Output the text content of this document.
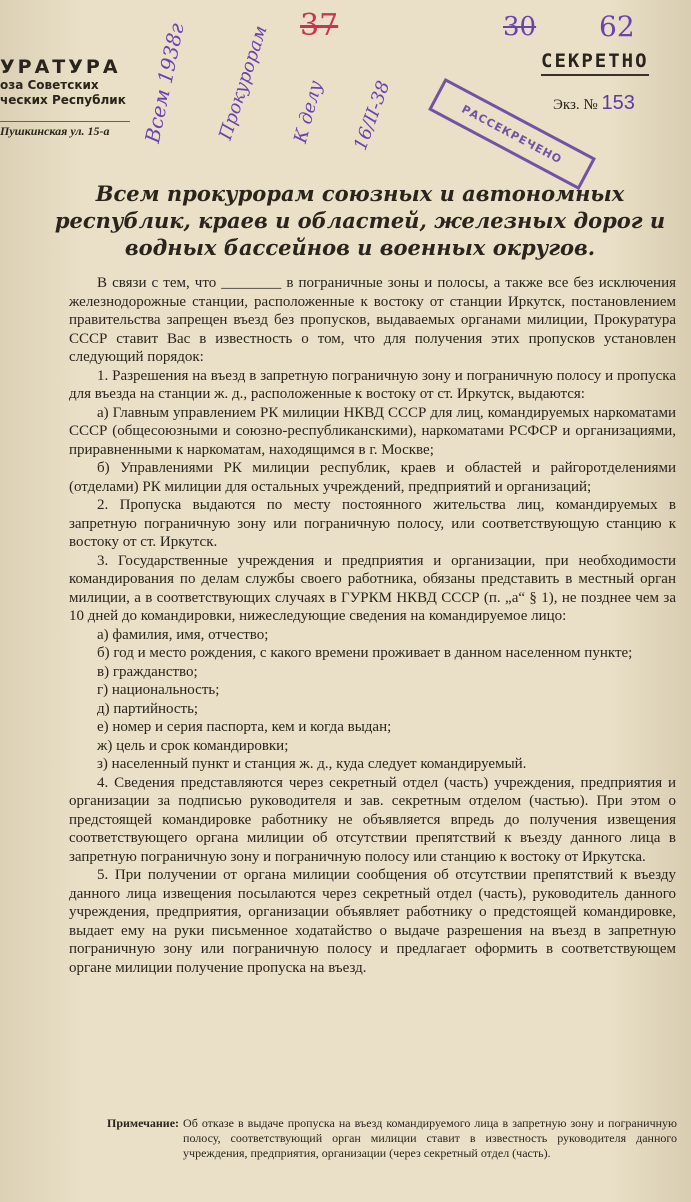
УРАТУРА
оза Советских
ческих Республик
Пушкинская ул. 15-а
СЕКРЕТНО
Экз. № 153
Всем 1938г Прокурорам 37
К делу 16/II-38
30 62
РАССЕКРЕЧЕНО
Всем прокурорам союзных и автономных республик, краев и областей, железных дорог и водных бассейнов и военных округов.

В связи с тем, что ________ в пограничные зоны и полосы, а также все без исключения железнодорожные станции, расположенные к востоку от станции Иркутск, постановлением правительства запрещен въезд без пропусков, выдаваемых органами милиции, Прокуратура СССР ставит Вас в известность о том, что для получения этих пропусков установлен следующий порядок:

1. Разрешения на въезд в запретную пограничную зону и пограничную полосу и пропуска для въезда на станции ж. д., расположенные к востоку от ст. Иркутск, выдаются:

а) Главным управлением РК милиции НКВД СССР для лиц, командируемых наркоматами СССР (общесоюзными и союзно-республиканскими), наркоматами РСФСР и организациями, приравненными к наркоматам, находящимся в г. Москве;

б) Управлениями РК милиции республик, краев и областей и райгоротделениями (отделами) РК милиции для остальных учреждений, предприятий и организаций;

2. Пропуска выдаются по месту постоянного жительства лиц, командируемых в запретную пограничную зону или пограничную полосу, или соответствующую станцию к востоку от ст. Иркутск.

3. Государственные учреждения и предприятия и организации, при необходимости командирования по делам службы своего работника, обязаны представить в местный орган милиции, а в соответствующих случаях в ГУРКМ НКВД СССР (п. „а“ § 1), не позднее чем за 10 дней до командировки, нижеследующие сведения на командируемое лицо:

а) фамилия, имя, отчество;

б) год и место рождения, с какого времени проживает в данном населенном пункте;

в) гражданство;

г) национальность;

д) партийность;

е) номер и серия паспорта, кем и когда выдан;

ж) цель и срок командировки;

з) населенный пункт и станция ж. д., куда следует командируемый.

4. Сведения представляются через секретный отдел (часть) учреждения, предприятия и организации за подписью руководителя и зав. секретным отделом (частью). При этом о предстоящей командировке работнику не объявляется впредь до получения извещения соответствующего органа милиции об отсутствии препятствий к въезду данного лица в запретную пограничную зону и пограничную полосу или станцию к востоку от Иркутска.

5. При получении от органа милиции сообщения об отсутствии препятствий к въезду данного лица извещения посылаются через секретный отдел (часть), руководитель данного учреждения, предприятия, организации объявляет работнику о предстоящей командировке, выдает ему на руки письменное ходатайство о выдаче разрешения на въезд в запретную пограничную зону или пограничную полосу и предлагает оформить в соответствующем органе милиции получение пропуска на въезд.

Примечание: Об отказе в выдаче пропуска на въезд командируемого лица в запретную зону и пограничную полосу, соответствующий орган милиции ставит в известность руководителя данного учреждения, предприятия, организации (через секретный отдел (часть).
